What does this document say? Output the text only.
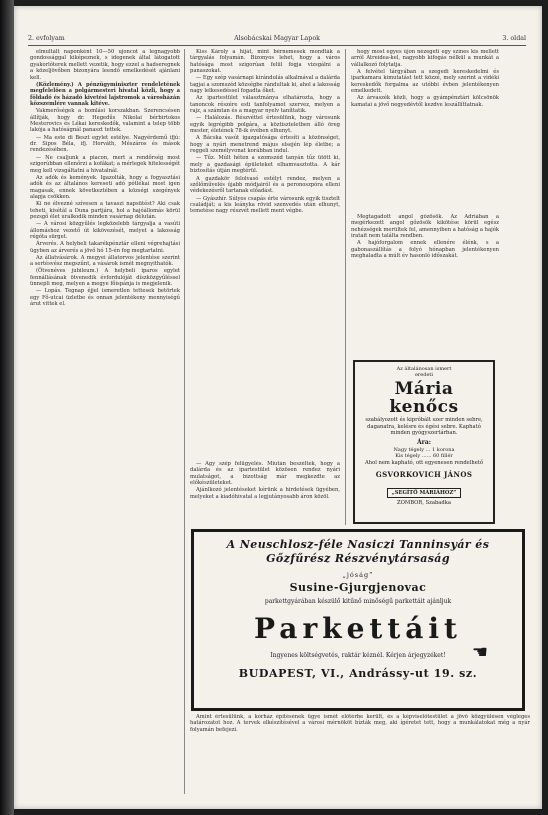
2. evfolyam	Alsobácskai Magyar Lapok	3. oldal

elmultált naponként 10—50 ujoncot a legnagyobb gondossággal kiképeznek, s idegenek által látogatott gyakorlóterek mellett vezetik, hogy ezzel a hadseregnek a közeljövőben bizonyára leendő emelkedését ajánlani kell.

(Közlemény.) A pénzügyminiszter rendeletének megfelelően a polgármesteri hivatal közli, hogy a földadó és házadó kivetési lajstromok a városházán közszemlére vannak kitéve.

Vakmerőségek a bomlási korszakban. Szerencsésen állítják, hogy dr. Hegedűs Nikolai bérbirtokos Mesterovics és Lékai kereskedők, valamint a telep több lakója a hatóságnál panaszt tettek.

— Ma este di Beszt egylet estélye. Nagyérdemű ifjú: dr. Sipos Béla, ifj. Horváth, Mészáros és mások rendezésében.

— Ne csaljunk a piacon, mert a rendőrség most szigorúbban ellenőrzi a kofákat; a mérlegek hitelességét meg kell vizsgáltatni a hivatalnál.

Az adók és kemények. Igazolták, hogy a fogyasztási adók és az általános kereseti adó pótlékai most igen magasak, ennek következtében a községi szegények alapja csökken.

Ki ne élvezné szívesen a tavaszi napsütést? Aki csak teheti, kisétál a Duna partjára, hol a hajóállomás körül pezsgő élet uralkodik minden vasárnap délután.

— A városi közgyűlés legközelebb tárgyalja a vasúti állomáshoz vezető út kikövezését, melyet a lakosság régóta sürget.

Árverés. A helybeli takarékpénztár elleni végrehajtási ügyben az árverés a jövő hó 15-én fog megtartatni.

Az állatvásárok. A megyei állatorvos jelentése szerint a sertésvész megszűnt, a vásárok ismét megnyithatók.

(Ötvenéves jubileum.) A helybeli iparos egylet fennállásának ötvenedik évfordulóját díszközgyűléssel ünnepli meg, melyen a megye főispánja is megjelenik.

— Lopás. Tegnap éjjel ismeretlen tettesek betörtek egy Fő-utcai üzletbe és onnan jelentékeny mennyiségű árut vittek el.

Kiss Károly a hiját, mint bérnemesek mondták a tárgyalás folyamán. Bizonyos lehet, hogy a város hatósága most szigorúan felül fogja vizsgálni a panaszokat.

— Egy szép vasárnapi kirándulás alkalmával a dalárda tagjai a szomszéd községbe rándultak ki, ahol a lakosság nagy lelkesedéssel fogadta őket.

Az ipartestület választmánya elhatározta, hogy a tanoncok részére esti tanfolyamot szervez, melyen a rajz, a számtan és a magyar nyelv taníttatik.

— Halálozás. Részvéttel értesülünk, hogy városunk egyik legrégibb polgára, a köztiszteletben álló öreg mester, életének 78-ik évében elhunyt.

A Bácska vasút igazgatósága értesíti a közönséget, hogy a nyári menetrend május elsején lép életbe; a reggeli személyvonat korábban indul.

— Tűz. Múlt héten a szomszéd tanyán tűz ütött ki, mely a gazdasági épületeket elhamvasztotta. A kár biztosítás útján megtérül.

A gazdakör felolvasó estélyt rendez, melyen a szőlőművelés újabb módjairól és a peronoszpóra elleni védekezésről tartanak előadást.

— Gyászhír. Súlyos csapás érte városunk egyik tisztelt családját; a kis leányka rövid szenvedés után elhunyt, temetése nagy részvét mellett ment végbe.

— Agy szép felügyelés. Miután beszéltek, hogy a dalárda és az ipartestület közösen rendez nyári mulatságot, a bizottság már megkezdte az előkészületeket.

Ajánlkozó jelentéseket kérünk a hirdetések ügyében, melyeket a kiadóhivatal a legjutányosabb áron közöl.

hogy most egyes újon nézegeti egy színes kis mellett arról Atreidea-kel, nagyobb kifogás nélkül a munkát a vállalkozó folytatja.

A felvétel tárgyában a szegedi kereskedelmi és iparkamara kimutatást tett közzé, mely szerint a vidéki kereskedők forgalma az utóbbi évben jelentékenyen emelkedett.

Az árvaszék közli, hogy a gyámpénztári kölcsönök kamatai a jövő negyedévtől kezdve leszállíttatnak.

Megtagadott angol gőzösök. Az Adriában a megérkezett angol gőzösök kikötése körül egész nehézségek merültek fel, amennyiben a hatóság a hajók iratait nem találta rendben.

A hajóforgalom ennek ellenére élénk, s a gabonaszállítás a folyó hónapban jelentékenyen meghaladta a múlt év hasonló időszakát.

Az általánosan ismert
eredeti
Mária kenőcs
szabályozott és kipróbált szer minden sebre, daganatra, kelésre és égési sebre. Kapható minden gyógyszertárban.
Ára:
Nagy tégely ... 1 korona
Kis tégely ...... 60 fillér
Ahol nem kapható, ott egyenesen rendelhető
GSVORKOVICH JÁNOS
„SEGÍTŐ MÁRIÁHOZ”
ZOMBOR, Szabadka
A Neuschlosz-féle Nasiczi Tanninsyár és
Gőzfűrész Részvénytársaság
„jóság”
Susine-Gjurgjenovac
parkettgyárában készülő kitűnő minőségű parkettáit ajánljuk
Parkettáit
☚
Ingyenes költségvetés, raktár kéznél. Kérjen árjegyzéket!
BUDAPEST, VI., Andrássy-ut 19. sz.

Amint értesülünk, a kórház építésének ügye ismét előtérbe került, és a képviselőtestület a jövő közgyűlésen végleges határozatot hoz. A tervek elkészítésével a városi mérnököt bízták meg, aki ígéretet tett, hogy a munkálatokat még a nyár folyamán befejezi.
